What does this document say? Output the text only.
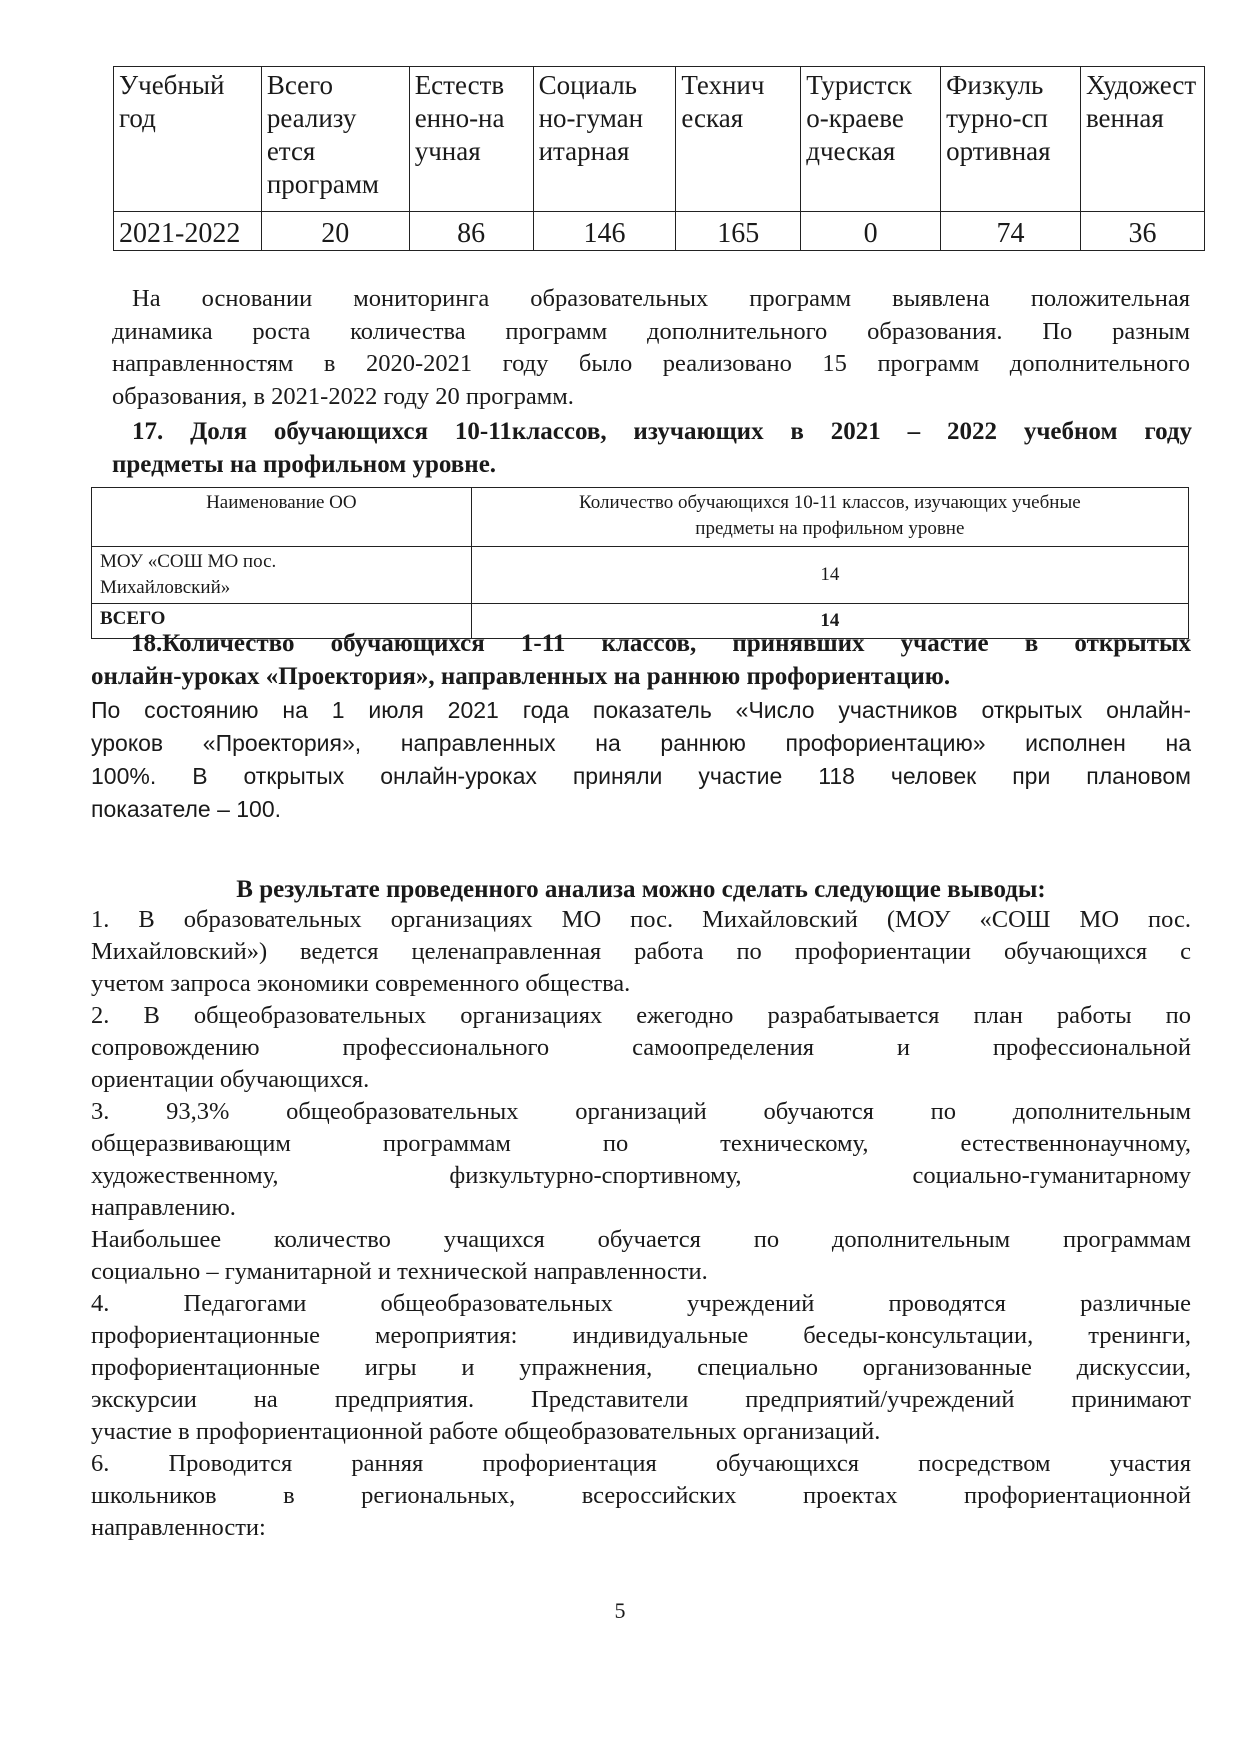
Учебный
год	Всего
реализу
ется
программ	Естеств
енно-на
учная	Социаль
но-гуман
итарная	Технич
еская	Туристск
о-краеве
дческая	Физкуль
турно-сп
ортивная	Художест
венная
2021-2022	20	86	146	165	0	74	36

На основании мониторинга образовательных программ выявлена положительная

динамика роста количества программ дополнительного образования. По разным

направленностям в 2020-2021 году было реализовано 15 программ дополнительного

образования, в 2021-2022 году 20 программ.

17. Доля обучающихся 10-11классов, изучающих в 2021 – 2022 учебном году

предметы на профильном уровне.

Наименование ОО	Количество обучающихся 10-11 классов, изучающих учебные
предметы на профильном уровне
МОУ «СОШ МО пос.
Михайловский»	14
ВСЕГО	14

18.Количество обучающихся 1-11 классов, принявших участие в открытых

онлайн-уроках «Проектория», направленных на раннюю профориентацию.

По состоянию на 1 июля 2021 года показатель «Число участников открытых онлайн-

уроков «Проектория», направленных на раннюю профориентацию» исполнен на

100%. В открытых онлайн-уроках приняли участие 118 человек при плановом

показателе – 100.

В результате проведенного анализа можно сделать следующие выводы:

1. В образовательных организациях МО пос. Михайловский (МОУ «СОШ МО пос.

Михайловский») ведется целенаправленная работа по профориентации обучающихся с

учетом запроса экономики современного общества.

2. В общеобразовательных организациях ежегодно разрабатывается план работы по

сопровождению профессионального самоопределения и профессиональной

ориентации обучающихся.

3. 93,3% общеобразовательных организаций обучаются по дополнительным

общеразвивающим программам по техническому, естественнонаучному,

художественному, физкультурно-спортивному, социально-гуманитарному

направлению.

Наибольшее количество учащихся обучается по дополнительным программам

социально – гуманитарной и технической направленности.

4. Педагогами общеобразовательных учреждений проводятся различные

профориентационные мероприятия: индивидуальные беседы-консультации, тренинги,

профориентационные игры и упражнения, специально организованные дискуссии,

экскурсии на предприятия. Представители предприятий/учреждений принимают

участие в профориентационной работе общеобразовательных организаций.

6. Проводится ранняя профориентация обучающихся посредством участия

школьников в региональных, всероссийских проектах профориентационной

направленности:

5
